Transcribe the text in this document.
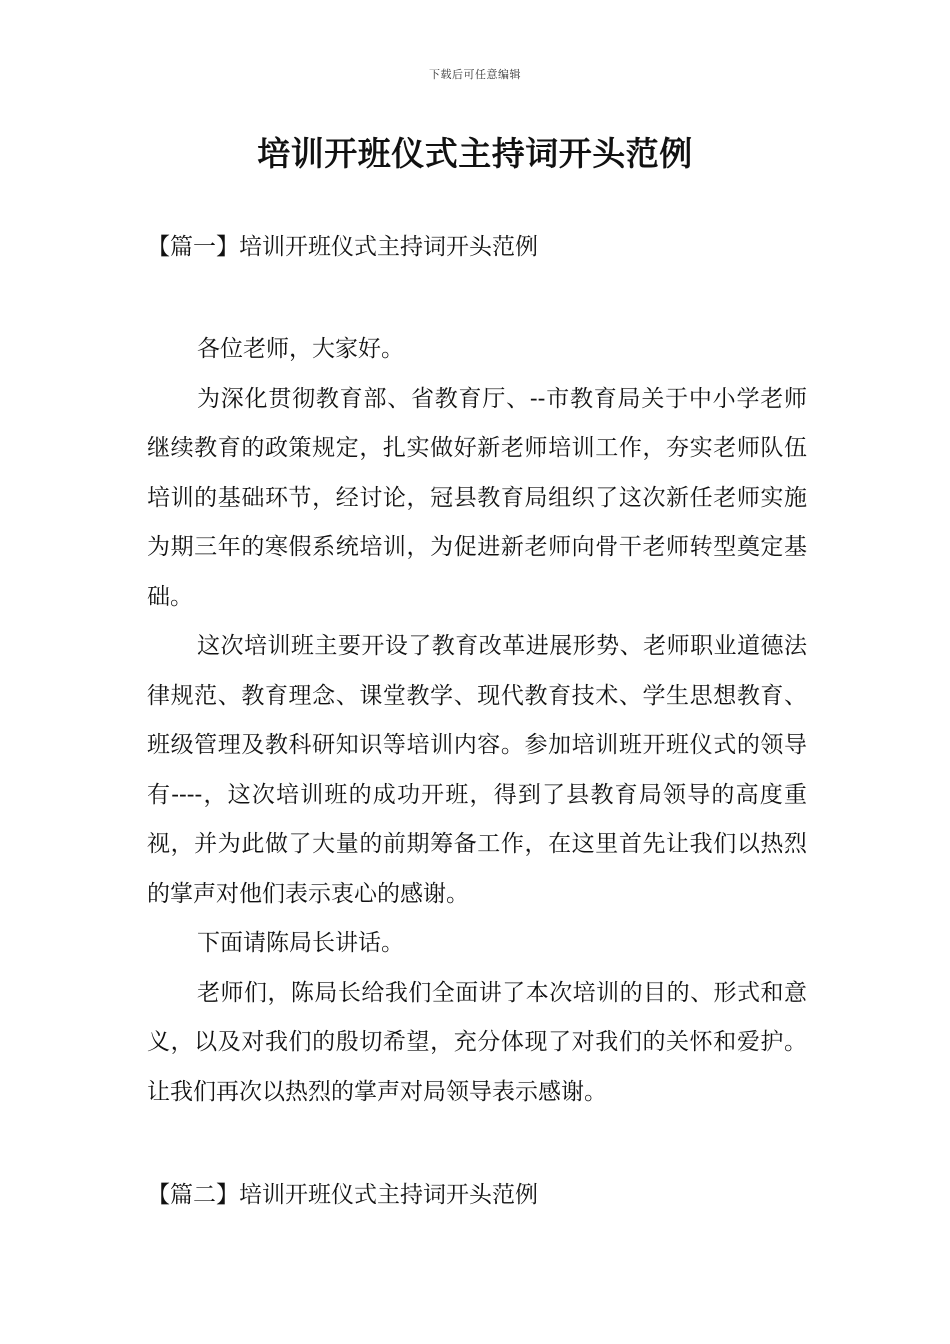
下载后可任意编辑
培训开班仪式主持词开头范例
【篇一】培训开班仪式主持词开头范例

各位老师，大家好。

为深化贯彻教育部、省教育厅、--市教育局关于中小学老师继续教育的政策规定，扎实做好新老师培训工作，夯实老师队伍培训的基础环节，经讨论，冠县教育局组织了这次新任老师实施为期三年的寒假系统培训，为促进新老师向骨干老师转型奠定基础。

这次培训班主要开设了教育改革进展形势、老师职业道德法律规范、教育理念、课堂教学、现代教育技术、学生思想教育、班级管理及教科研知识等培训内容。参加培训班开班仪式的领导有----，这次培训班的成功开班，得到了县教育局领导的高度重视，并为此做了大量的前期筹备工作，在这里首先让我们以热烈的掌声对他们表示衷心的感谢。

下面请陈局长讲话。

老师们，陈局长给我们全面讲了本次培训的目的、形式和意义，以及对我们的殷切希望，充分体现了对我们的关怀和爱护。让我们再次以热烈的掌声对局领导表示感谢。

【篇二】培训开班仪式主持词开头范例
